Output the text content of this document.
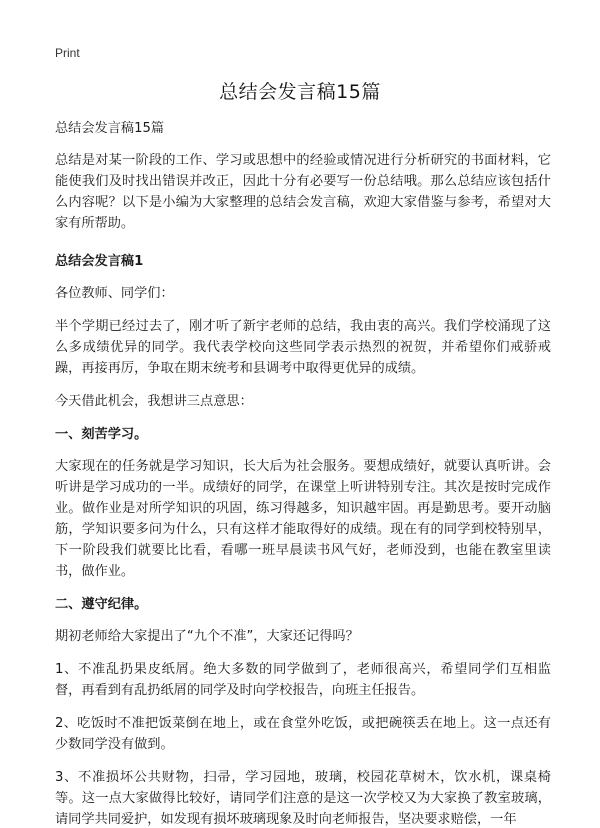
Print
总结会发言稿15篇

总结会发言稿15篇

总结是对某一阶段的工作、学习或思想中的经验或情况进行分析研究的书面材料，它能使我们及时找出错误并改正，因此十分有必要写一份总结哦。那么总结应该包括什么内容呢？以下是小编为大家整理的总结会发言稿，欢迎大家借鉴与参考，希望对大家有所帮助。

总结会发言稿1

各位教师、同学们：

半个学期已经过去了，刚才听了新宇老师的总结，我由衷的高兴。我们学校涌现了这么多成绩优异的同学。我代表学校向这些同学表示热烈的祝贺，并希望你们戒骄戒躁，再接再厉，争取在期末统考和县调考中取得更优异的成绩。

今天借此机会，我想讲三点意思：

一、刻苦学习。

大家现在的任务就是学习知识，长大后为社会服务。要想成绩好，就要认真听讲。会听讲是学习成功的一半。成绩好的同学，在课堂上听讲特别专注。其次是按时完成作业。做作业是对所学知识的巩固，练习得越多，知识越牢固。再是勤思考。要开动脑筋，学知识要多问为什么，只有这样才能取得好的成绩。现在有的同学到校特别早，下一阶段我们就要比比看，看哪一班早晨读书风气好，老师没到，也能在教室里读书，做作业。

二、遵守纪律。

期初老师给大家提出了“九个不准”，大家还记得吗？

1、不准乱扔果皮纸屑。绝大多数的同学做到了，老师很高兴，希望同学们互相监督，再看到有乱扔纸屑的同学及时向学校报告，向班主任报告。

2、吃饭时不准把饭菜倒在地上，或在食堂外吃饭，或把碗筷丢在地上。这一点还有少数同学没有做到。

3、不准损坏公共财物，扫帚，学习园地，玻璃，校园花草树木，饮水机，课桌椅等。这一点大家做得比较好，请同学们注意的是这一次学校又为大家换了教室玻璃，请同学共同爱护，如发现有损坏玻璃现象及时向老师报告，坚决要求赔偿，一年
